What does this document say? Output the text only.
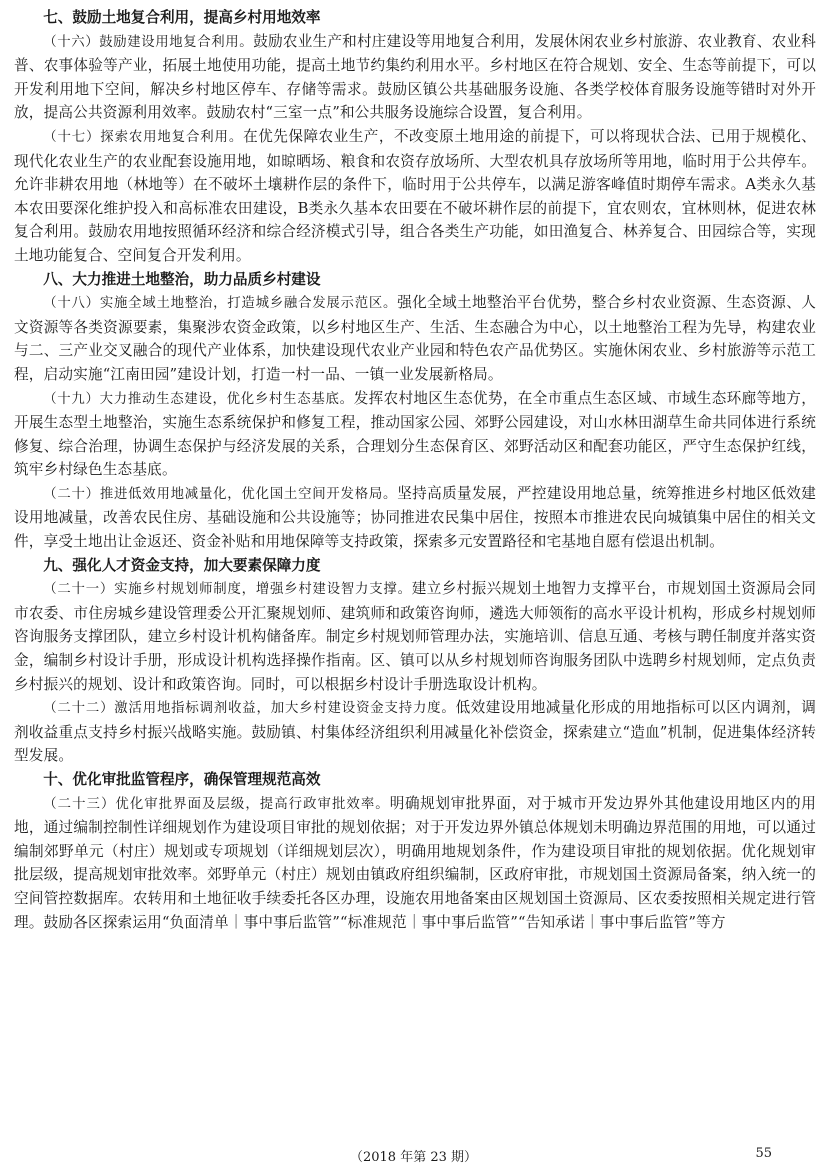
七、鼓励土地复合利用，提高乡村用地效率

（十六）鼓励建设用地复合利用。鼓励农业生产和村庄建设等用地复合利用，发展休闲农业乡村旅游、农业教育、农业科普、农事体验等产业，拓展土地使用功能，提高土地节约集约利用水平。乡村地区在符合规划、安全、生态等前提下，可以开发利用地下空间，解决乡村地区停车、存储等需求。鼓励区镇公共基础服务设施、各类学校体育服务设施等错时对外开放，提高公共资源利用效率。鼓励农村“三室一点”和公共服务设施综合设置，复合利用。

（十七）探索农用地复合利用。在优先保障农业生产，不改变原土地用途的前提下，可以将现状合法、已用于规模化、现代化农业生产的农业配套设施用地，如晾晒场、粮食和农资存放场所、大型农机具存放场所等用地，临时用于公共停车。允许非耕农用地（林地等）在不破坏土壤耕作层的条件下，临时用于公共停车，以满足游客峰值时期停车需求。A类永久基本农田要深化维护投入和高标准农田建设，B类永久基本农田要在不破坏耕作层的前提下，宜农则农，宜林则林，促进农林复合利用。鼓励农用地按照循环经济和综合经济模式引导，组合各类生产功能，如田渔复合、林养复合、田园综合等，实现土地功能复合、空间复合开发利用。

八、大力推进土地整治，助力品质乡村建设

（十八）实施全域土地整治，打造城乡融合发展示范区。强化全域土地整治平台优势，整合乡村农业资源、生态资源、人文资源等各类资源要素，集聚涉农资金政策，以乡村地区生产、生活、生态融合为中心，以土地整治工程为先导，构建农业与二、三产业交叉融合的现代产业体系，加快建设现代农业产业园和特色农产品优势区。实施休闲农业、乡村旅游等示范工程，启动实施“江南田园”建设计划，打造一村一品、一镇一业发展新格局。

（十九）大力推动生态建设，优化乡村生态基底。发挥农村地区生态优势，在全市重点生态区域、市域生态环廊等地方，开展生态型土地整治，实施生态系统保护和修复工程，推动国家公园、郊野公园建设，对山水林田湖草生命共同体进行系统修复、综合治理，协调生态保护与经济发展的关系，合理划分生态保育区、郊野活动区和配套功能区，严守生态保护红线，筑牢乡村绿色生态基底。

（二十）推进低效用地减量化，优化国土空间开发格局。坚持高质量发展，严控建设用地总量，统筹推进乡村地区低效建设用地减量，改善农民住房、基础设施和公共设施等；协同推进农民集中居住，按照本市推进农民向城镇集中居住的相关文件，享受土地出让金返还、资金补贴和用地保障等支持政策，探索多元安置路径和宅基地自愿有偿退出机制。

九、强化人才资金支持，加大要素保障力度

（二十一）实施乡村规划师制度，增强乡村建设智力支撑。建立乡村振兴规划土地智力支撑平台，市规划国土资源局会同市农委、市住房城乡建设管理委公开汇聚规划师、建筑师和政策咨询师，遴选大师领衔的高水平设计机构，形成乡村规划师咨询服务支撑团队，建立乡村设计机构储备库。制定乡村规划师管理办法，实施培训、信息互通、考核与聘任制度并落实资金，编制乡村设计手册，形成设计机构选择操作指南。区、镇可以从乡村规划师咨询服务团队中选聘乡村规划师，定点负责乡村振兴的规划、设计和政策咨询。同时，可以根据乡村设计手册选取设计机构。

（二十二）激活用地指标调剂收益，加大乡村建设资金支持力度。低效建设用地减量化形成的用地指标可以区内调剂，调剂收益重点支持乡村振兴战略实施。鼓励镇、村集体经济组织利用减量化补偿资金，探索建立“造血”机制，促进集体经济转型发展。

十、优化审批监管程序，确保管理规范高效

（二十三）优化审批界面及层级，提高行政审批效率。明确规划审批界面，对于城市开发边界外其他建设用地区内的用地，通过编制控制性详细规划作为建设项目审批的规划依据；对于开发边界外镇总体规划未明确边界范围的用地，可以通过编制郊野单元（村庄）规划或专项规划（详细规划层次），明确用地规划条件，作为建设项目审批的规划依据。优化规划审批层级，提高规划审批效率。郊野单元（村庄）规划由镇政府组织编制，区政府审批，市规划国土资源局备案，纳入统一的空间管控数据库。农转用和土地征收手续委托各区办理，设施农用地备案由区规划国土资源局、区农委按照相关规定进行管理。鼓励各区探索运用“负面清单｜事中事后监管”“标准规范｜事中事后监管”“告知承诺｜事中事后监管”等方

（2018 年第 23 期）	55
